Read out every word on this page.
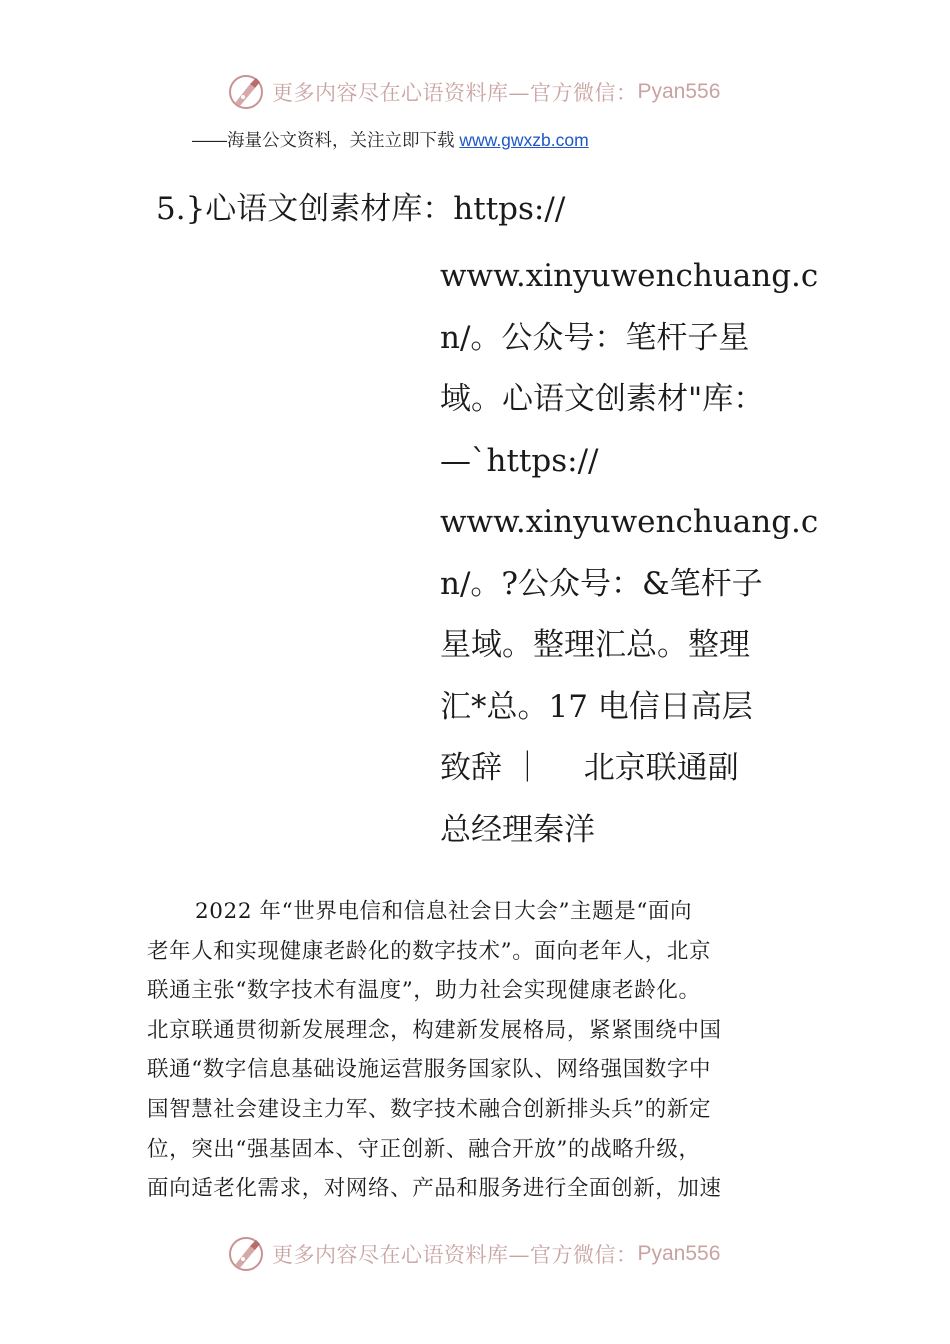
更多内容尽在心语资料库—官方微信： Pyan556
——海量公文资料，关注立即下载 www.gwxzb.com
5.}心语文创素材库：https://
www.xinyuwenchuang.c
n/。公众号：笔杆子星
域。心语文创素材"库：
—`https://
www.xinyuwenchuang.c
n/。?公众号：&笔杆子
星域。整理汇总。整理
汇*总。17 电信日高层
致辞 ｜　 北京联通副
总经理秦洋
2022 年“世界电信和信息社会日大会”主题是“面向
老年人和实现健康老龄化的数字技术”。面向老年人，北京
联通主张“数字技术有温度”，助力社会实现健康老龄化。
北京联通贯彻新发展理念，构建新发展格局，紧紧围绕中国
联通“数字信息基础设施运营服务国家队、网络强国数字中
国智慧社会建设主力军、数字技术融合创新排头兵”的新定
位，突出“强基固本、守正创新、融合开放”的战略升级，
面向适老化需求，对网络、产品和服务进行全面创新，加速
更多内容尽在心语资料库—官方微信： Pyan556
